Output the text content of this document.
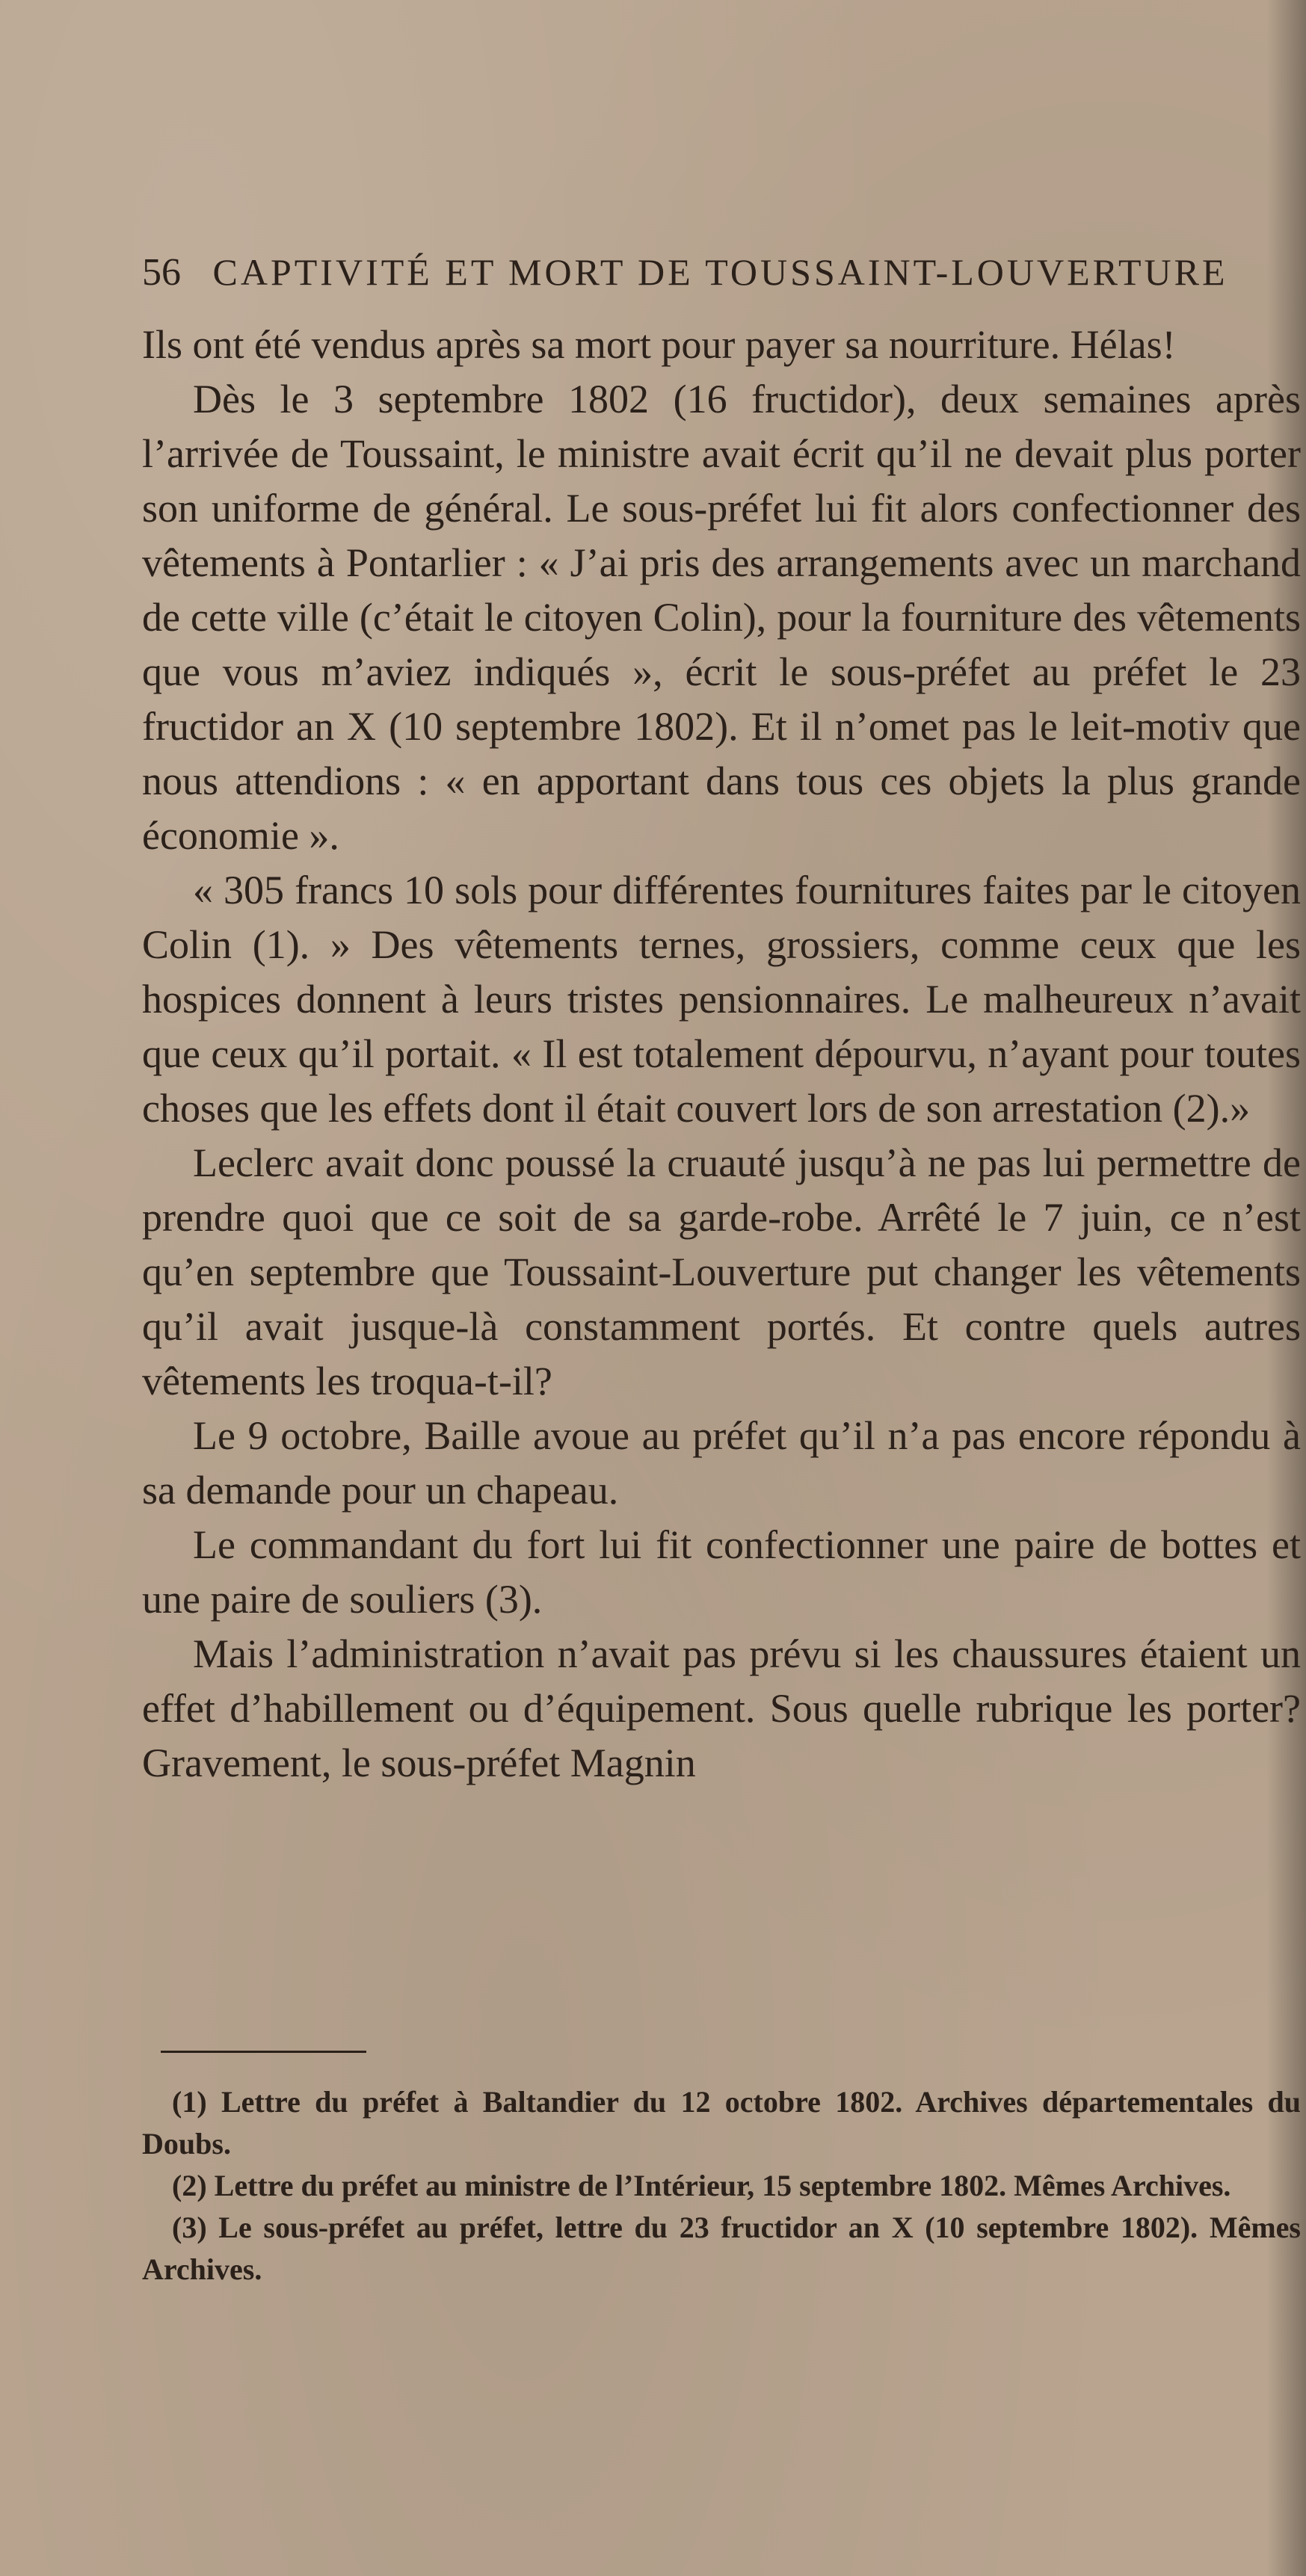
56 CAPTIVITÉ ET MORT DE TOUSSAINT-LOUVERTURE

Ils ont été vendus après sa mort pour payer sa nourriture. Hélas!

Dès le 3 septembre 1802 (16 fructidor), deux semaines après l’arrivée de Toussaint, le ministre avait écrit qu’il ne devait plus porter son uniforme de général. Le sous-préfet lui fit alors confectionner des vêtements à Pontarlier : « J’ai pris des arrangements avec un marchand de cette ville (c’était le citoyen Colin), pour la fourniture des vêtements que vous m’aviez indiqués », écrit le sous-préfet au préfet le 23 fructidor an X (10 septembre 1802). Et il n’omet pas le leit-motiv que nous attendions : « en apportant dans tous ces objets la plus grande économie ».

« 305 francs 10 sols pour différentes fournitures faites par le citoyen Colin (1). » Des vêtements ternes, grossiers, comme ceux que les hospices donnent à leurs tristes pensionnaires. Le malheureux n’avait que ceux qu’il portait. « Il est totalement dépourvu, n’ayant pour toutes choses que les effets dont il était couvert lors de son arrestation (2).»

Leclerc avait donc poussé la cruauté jusqu’à ne pas lui permettre de prendre quoi que ce soit de sa garde-robe. Arrêté le 7 juin, ce n’est qu’en septembre que Toussaint-Louverture put changer les vêtements qu’il avait jusque-là constamment portés. Et contre quels autres vêtements les troqua-t-il?

Le 9 octobre, Baille avoue au préfet qu’il n’a pas encore répondu à sa demande pour un chapeau.

Le commandant du fort lui fit confectionner une paire de bottes et une paire de souliers (3).

Mais l’administration n’avait pas prévu si les chaussures étaient un effet d’habillement ou d’équipement. Sous quelle rubrique les porter? Gravement, le sous-préfet Magnin

(1) Lettre du préfet à Baltandier du 12 octobre 1802. Archives départementales du Doubs.

(2) Lettre du préfet au ministre de l’Intérieur, 15 septembre 1802. Mêmes Archives.

(3) Le sous-préfet au préfet, lettre du 23 fructidor an X (10 septembre 1802). Mêmes Archives.
